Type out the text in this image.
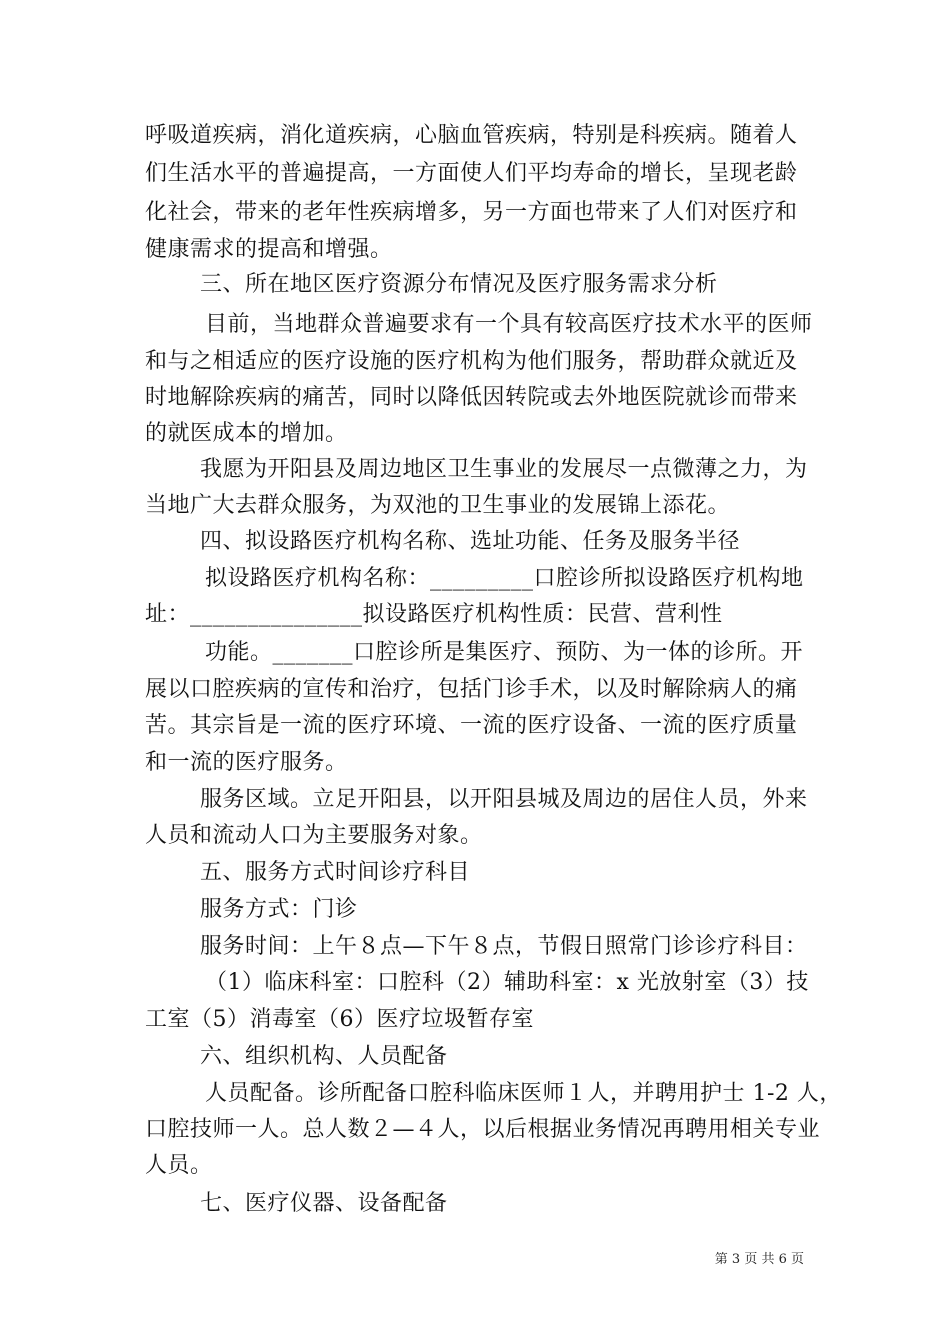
呼吸道疾病，消化道疾病，心脑血管疾病，特别是科疾病。随着人
们生活水平的普遍提高，一方面使人们平均寿命的增长，呈现老龄
化社会，带来的老年性疾病增多，另一方面也带来了人们对医疗和
健康需求的提高和增强。
三、所在地区医疗资源分布情况及医疗服务需求分析
目前，当地群众普遍要求有一个具有较高医疗技术水平的医师
和与之相适应的医疗设施的医疗机构为他们服务，帮助群众就近及
时地解除疾病的痛苦，同时以降低因转院或去外地医院就诊而带来
的就医成本的增加。
我愿为开阳县及周边地区卫生事业的发展尽一点微薄之力，为
当地广大去群众服务，为双池的卫生事业的发展锦上添花。
四、拟设路医疗机构名称、选址功能、任务及服务半径
拟设路医疗机构名称：_________口腔诊所拟设路医疗机构地
址：_______________拟设路医疗机构性质：民营、营利性
功能。_______口腔诊所是集医疗、预防、为一体的诊所。开
展以口腔疾病的宣传和治疗，包括门诊手术，以及时解除病人的痛
苦。其宗旨是一流的医疗环境、一流的医疗设备、一流的医疗质量
和一流的医疗服务。
服务区域。立足开阳县，以开阳县城及周边的居住人员，外来
人员和流动人口为主要服务对象。
五、服务方式时间诊疗科目
服务方式：门诊
服务时间：上午８点—下午８点，节假日照常门诊诊疗科目：
（1）临床科室：口腔科（2）辅助科室：x 光放射室（3）技
工室（5）消毒室（6）医疗垃圾暂存室
六、组织机构、人员配备
人员配备。诊所配备口腔科临床医师１人，并聘用护士 1-2 人，
口腔技师一人。总人数２—４人，以后根据业务情况再聘用相关专业
人员。
七、医疗仪器、设备配备
第 3 页 共 6 页
